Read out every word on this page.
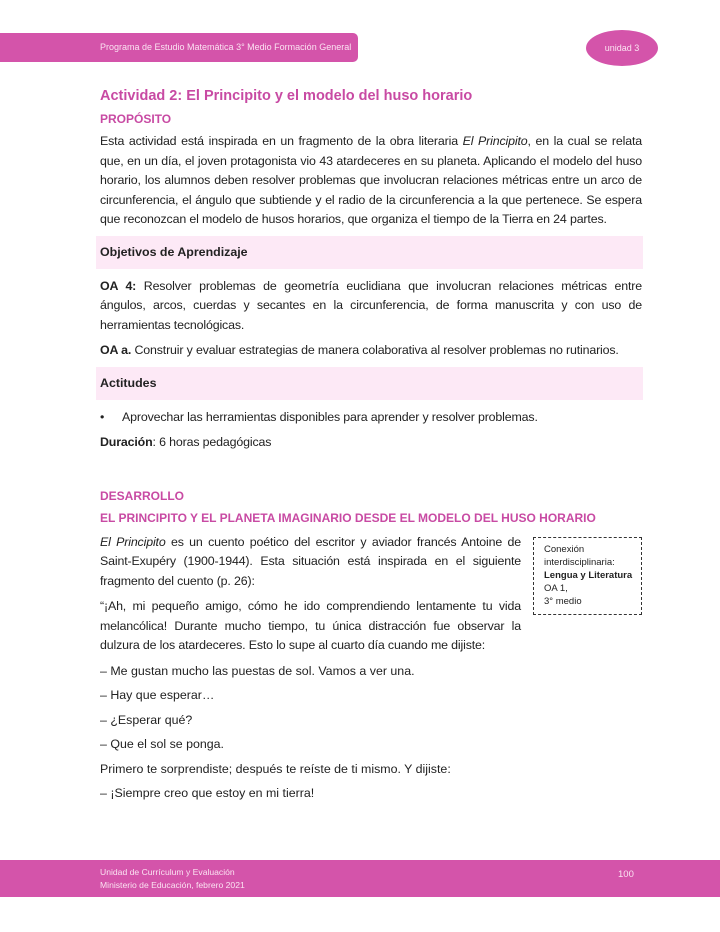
Programa de Estudio Matemática 3° Medio Formación General	unidad 3
Actividad 2: El Principito y el modelo del huso horario
PROPÓSITO
Esta actividad está inspirada en un fragmento de la obra literaria El Principito, en la cual se relata que, en un día, el joven protagonista vio 43 atardeceres en su planeta. Aplicando el modelo del huso horario, los alumnos deben resolver problemas que involucran relaciones métricas entre un arco de circunferencia, el ángulo que subtiende y el radio de la circunferencia a la que pertenece. Se espera que reconozcan el modelo de husos horarios, que organiza el tiempo de la Tierra en 24 partes.
Objetivos de Aprendizaje
OA 4: Resolver problemas de geometría euclidiana que involucran relaciones métricas entre ángulos, arcos, cuerdas y secantes en la circunferencia, de forma manuscrita y con uso de herramientas tecnológicas.
OA a. Construir y evaluar estrategias de manera colaborativa al resolver problemas no rutinarios.
Actitudes
• Aprovechar las herramientas disponibles para aprender y resolver problemas.
Duración: 6 horas pedagógicas
DESARROLLO
EL PRINCIPITO Y EL PLANETA IMAGINARIO DESDE EL MODELO DEL HUSO HORARIO
Conexión
interdisciplinaria:
Lengua y Literatura
OA 1,
3° medio
El Principito es un cuento poético del escritor y aviador francés Antoine de Saint-Exupéry (1900-1944). Esta situación está inspirada en el siguiente fragmento del cuento (p. 26):
“¡Ah, mi pequeño amigo, cómo he ido comprendiendo lentamente tu vida melancólica! Durante mucho tiempo, tu única distracción fue observar la dulzura de los atardeceres. Esto lo supe al cuarto día cuando me dijiste:
– Me gustan mucho las puestas de sol. Vamos a ver una.
– Hay que esperar…
– ¿Esperar qué?
– Que el sol se ponga.
Primero te sorprendiste; después te reíste de ti mismo. Y dijiste:
– ¡Siempre creo que estoy en mi tierra!
Unidad de Currículum y Evaluación
Ministerio de Educación, febrero 2021
100
